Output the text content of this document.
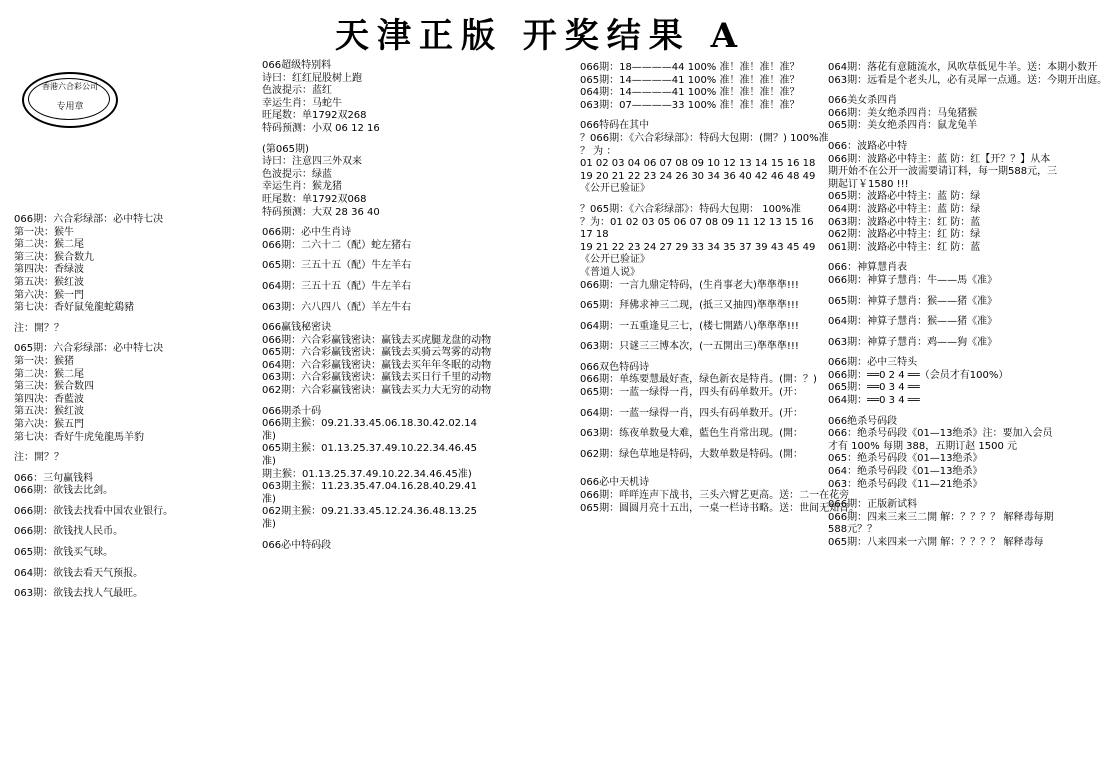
天津正版 开奖结果 A
香港六合彩公司
专用章
066期：六合彩绿部：必中特七决
第一决：猴牛
第二决：猴二尾
第三决：猴合数九
第四决：香绿波
第五决：猴红波
第六决：猴一門
第七决：香好鼠兔龍蛇鶏豬
注：開？？
065期：六合彩绿部：必中特七决
第一决：猴猪
第二决：猴二尾
第三决：猴合数四
第四决：香藍波
第五决：猴红波
第六决：猴五門
第七决：香好牛虎兔龍馬羊豹
注：開？？
066：三句赢钱料
066期：欲钱去比剑。
066期：欲钱去找看中国农业银行。
066期：欲钱找人民币。
065期：欲钱买气球。
064期：欲钱去看天气预报。
063期：欲钱去找人气最旺。
066超级特别料
诗曰：红红屁股树上跑
色波提示：蓝红
幸运生肖：马蛇牛
旺尾数：单1792双268
特码预测：小双 06 12 16
(第065期)
诗曰：注意四三外双来
色波提示：绿蓝
幸运生肖：猴龙猪
旺尾数：单1792双068
特码预测：大双 28 36 40
066期：必中生肖诗
066期：二六十二（配）蛇左猪右
065期：三五十五（配）牛左羊右
064期：三五十五（配）牛左羊右
063期：六八四八（配）羊左牛右
066赢钱秘密诀
066期：六合彩赢钱密诀：赢钱去买虎腿龙盘的动物
065期：六合彩赢钱密诀：赢钱去买骑云驾雾的动物
064期：六合彩赢钱密诀：赢钱去买年年冬眠的动物
063期：六合彩赢钱密诀：赢钱去买日行千里的动物
062期：六合彩赢钱密诀：赢钱去买力大无穷的动物
066期杀十码
066期主猴：09.21.33.45.06.18.30.42.02.14准)
065期主猴：01.13.25.37.49.10.22.34.46.45准)
期主猴：01.13.25.37.49.10.22.34.46.45准)
063期主猴：11.23.35.47.04.16.28.40.29.41准)
062期主猴：09.21.33.45.12.24.36.48.13.25准)
066必中特码段
066期：18————44 100% 准！准！准！准？
065期：14————41 100% 准！准！准！准？
064期：14————41 100% 准！准！准！准？
063期：07————33 100% 准！准！准！准？
066特码在其中
？066期：《六合彩绿部》：特码大包期：(開？) 100%准
？ 为 ：
01 02 03 04 06 07 08 09 10 12 13 14 15 16 18
19 20 21 22 23 24 26 30 34 36 40 42 46 48 49
《公开已验证》
？065期：《六合彩绿部》：特码大包期： 100%准
？为：01 02 03 05 06 07 08 09 11 12 13 15 16 17 18
19 21 22 23 24 27 29 33 34 35 37 39 43 45 49
《公开已验证》
《普道人说》
066期：一言九鼎定特码，(生肖事老大)準準準!!!
065期：拜佛求神三二现，(抵三又抽四)準準準!!!
064期：一五重逢見三七，(楼七開踏八)準準準!!!
063期：只谜三三博本次，(一五開出三)準準準!!!
066双色特码诗
066期：单练要慧最好查，绿色新衣是特肖。(開：？)
065期：一蓝一绿得一肖，四头有码单数开。(开：
064期：一蓝一绿得一肖，四头有码单数开。(开：
063期：练夜单数曼大难，藍色生肖常出现。(開：
062期：绿色草地是特码，大数单数是特码。(開：
066必中天机诗
066期：咩咩连声下战书，三头六臂艺更高。送：二一在花旁
065期：圆圆月亮十五出，一桌一栏诗书略。送：世间无知音。
064期：落花有意随流水，风吹草低见牛羊。送：本期小数开
063期：远看是个老头儿，必有灵犀一点通。送：今期开出庭。
066美女杀四肖
066期：美女绝杀四肖：马兔猪猴
065期：美女绝杀四肖：鼠龙兔羊
066：波路必中特
066期：波路必中特主：蓝 防：红【开？？】从本期开始不在公开一波需要请订料，每一期588元，三期起订￥1580 !!!
065期：波路必中特主：蓝 防：绿
064期：波路必中特主：蓝 防：绿
063期：波路必中特主：红 防：蓝
062期：波路必中特主：红 防：绿
061期：波路必中特主：红 防：蓝
066：神算慧肖表
066期：神算子慧肖：牛——馬《准》
065期：神算子慧肖：猴——猪《准》
064期：神算子慧肖：猴——猪《准》
063期：神算子慧肖：鸡——狗《准》
066期：必中三特头
066期：══0 2 4 ══（会员才有100%）
065期：══0 3 4 ══
064期：══0 3 4 ══
066绝杀号码段
066：绝杀号码段《01—13绝杀》注：要加入会员才有 100% 每期 388，五期订赵 1500 元
065：绝杀号码段《01—13绝杀》
064：绝杀号码段《01—13绝杀》
063：绝杀号码段《11—21绝杀》
066期：正版新试料
066期：四来三来三二開 解：？？？？ 解释毒每期588元？？
065期：八来四来一六開 解：？？？？ 解释毒每
